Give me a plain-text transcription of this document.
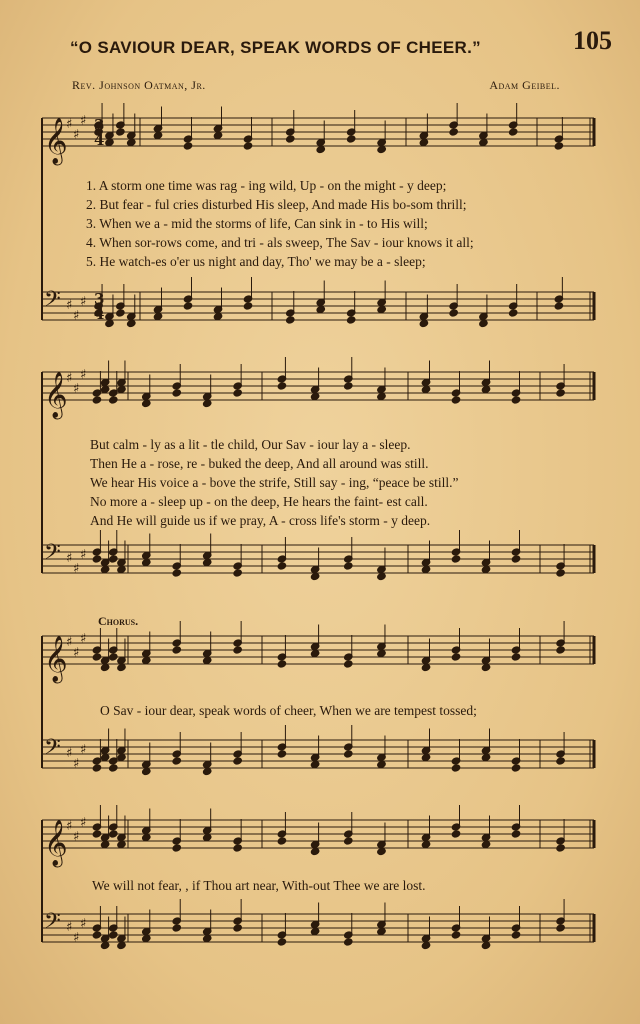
“O SAVIOUR DEAR, SPEAK WORDS OF CHEER.”	105
Rev. Johnson Oatman, Jr.	Adam Geibel.
𝄞
♯
♯
♯
𝄢 ♯
♯
♯
𝄞
♯
♯
♯
𝄢 ♯
♯
♯
𝄞
♯
♯
♯
𝄢 ♯
♯
♯
𝄞
♯
♯
♯
𝄢 ♯
♯
♯
3
4
3
4
1. A storm one time was rag - ing wild, Up - on the might - y deep;
2. But fear - ful cries disturbed His sleep, And made His bo-som thrill;
3. When we a - mid the storms of life, Can sink in - to His will;
4. When sor-rows come, and tri - als sweep, The Sav - iour knows it all;
5. He watch-es o'er us night and day, Tho' we may be a - sleep;
But calm - ly as a lit - tle child, Our Sav - iour lay a - sleep.
Then He a - rose, re - buked the deep, And all around was still.
We hear His voice a - bove the strife, Still say - ing, “peace be still.”
No more a - sleep up - on the deep, He hears the faint- est call.
And He will guide us if we pray, A - cross life's storm - y deep.
Chorus.
O Sav - iour dear, speak words of cheer, When we are tempest tossed;
We will not fear, , if Thou art near, With-out Thee we are lost.
